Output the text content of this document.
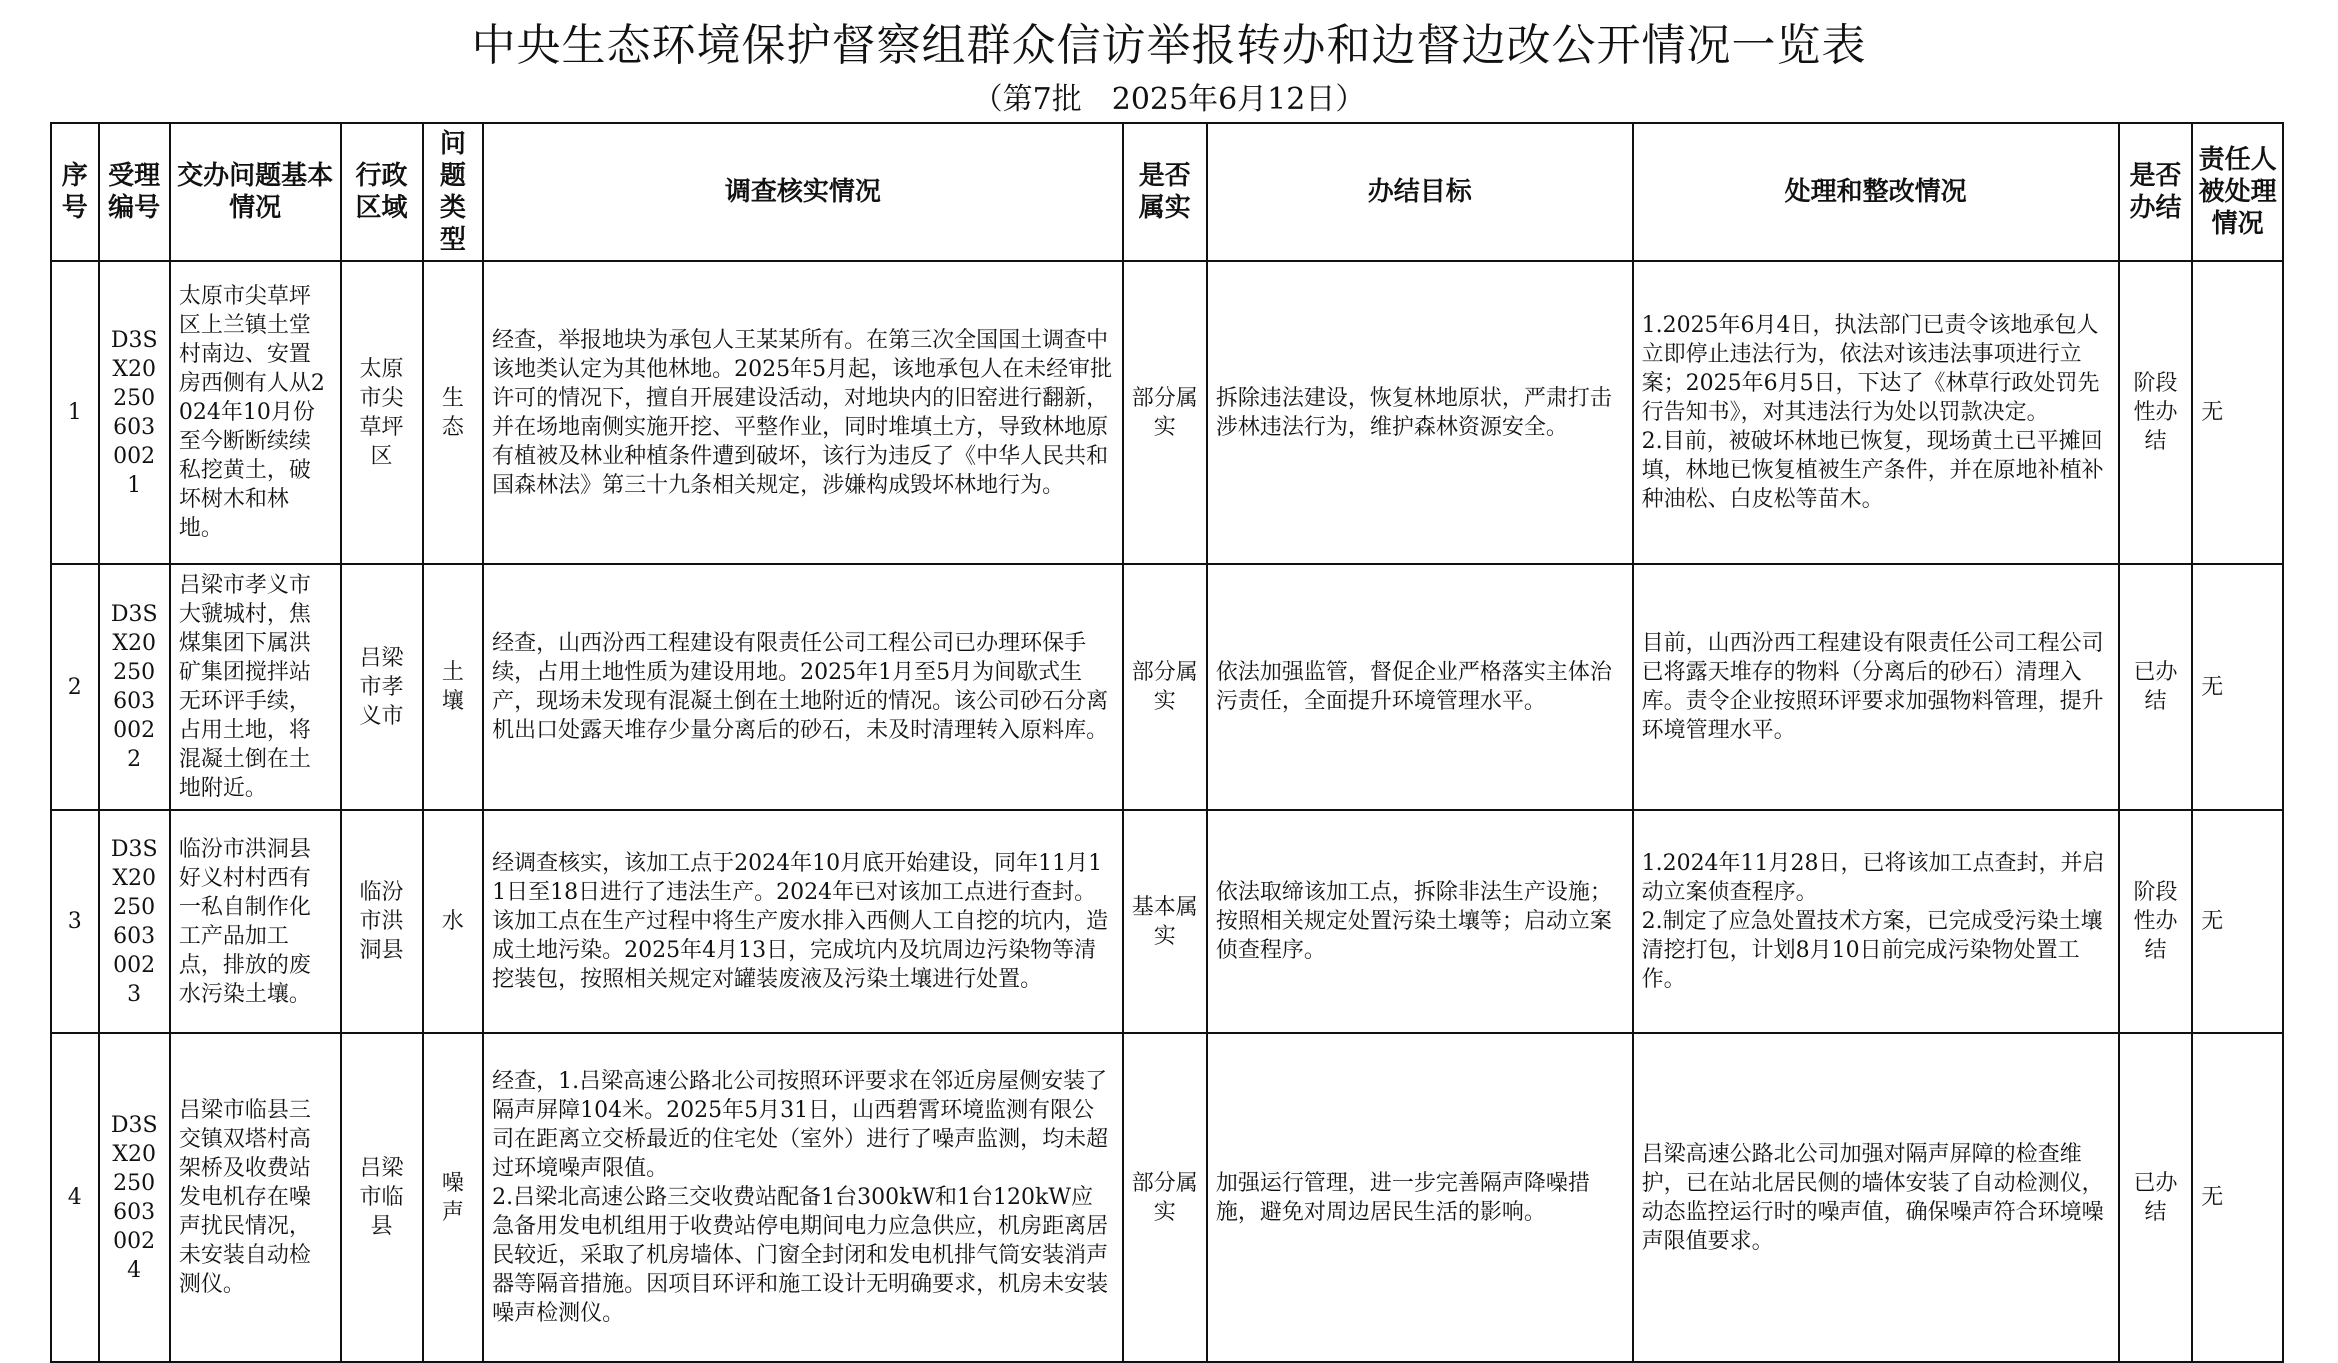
中央生态环境保护督察组群众信访举报转办和边督边改公开情况一览表
（第7批　2025年6月12日）
序号	受理编号	交办问题基本情况	行政区域	问题类型	调查核实情况	是否属实	办结目标	处理和整改情况	是否办结	责任人被处理情况
1	D3SX202506030021	太原市尖草坪区上兰镇土堂村南边、安置房西侧有人从2024年10月份至今断断续续私挖黄土，破坏树木和林地。	太原市尖草坪区	生态	经查，举报地块为承包人王某某所有。在第三次全国国土调查中该地类认定为其他林地。2025年5月起，该地承包人在未经审批许可的情况下，擅自开展建设活动，对地块内的旧窑进行翻新，并在场地南侧实施开挖、平整作业，同时堆填土方，导致林地原有植被及林业种植条件遭到破坏，该行为违反了《中华人民共和国森林法》第三十九条相关规定，涉嫌构成毁坏林地行为。	部分属实	拆除违法建设，恢复林地原状，严肃打击涉林违法行为，维护森林资源安全。	1.2025年6月4日，执法部门已责令该地承包人立即停止违法行为，依法对该违法事项进行立案；2025年6月5日，下达了《林草行政处罚先行告知书》，对其违法行为处以罚款决定。
2.目前，被破坏林地已恢复，现场黄土已平摊回填，林地已恢复植被生产条件，并在原地补植补种油松、白皮松等苗木。	阶段性办结	无
2	D3SX202506030022	吕梁市孝义市大虢城村，焦煤集团下属洪矿集团搅拌站无环评手续，占用土地，将混凝土倒在土地附近。	吕梁市孝义市	土壤	经查，山西汾西工程建设有限责任公司工程公司已办理环保手续，占用土地性质为建设用地。2025年1月至5月为间歇式生产，现场未发现有混凝土倒在土地附近的情况。该公司砂石分离机出口处露天堆存少量分离后的砂石，未及时清理转入原料库。	部分属实	依法加强监管，督促企业严格落实主体治污责任，全面提升环境管理水平。	目前，山西汾西工程建设有限责任公司工程公司已将露天堆存的物料（分离后的砂石）清理入库。责令企业按照环评要求加强物料管理，提升环境管理水平。	已办结	无
3	D3SX202506030023	临汾市洪洞县好义村村西有一私自制作化工产品加工点，排放的废水污染土壤。	临汾市洪洞县	水	经调查核实，该加工点于2024年10月底开始建设，同年11月11日至18日进行了违法生产。2024年已对该加工点进行查封。该加工点在生产过程中将生产废水排入西侧人工自挖的坑内，造成土地污染。2025年4月13日，完成坑内及坑周边污染物等清挖装包，按照相关规定对罐装废液及污染土壤进行处置。	基本属实	依法取缔该加工点，拆除非法生产设施；按照相关规定处置污染土壤等；启动立案侦查程序。	1.2024年11月28日，已将该加工点查封，并启动立案侦查程序。
2.制定了应急处置技术方案，已完成受污染土壤清挖打包，计划8月10日前完成污染物处置工作。	阶段性办结	无
4	D3SX202506030024	吕梁市临县三交镇双塔村高架桥及收费站发电机存在噪声扰民情况，未安装自动检测仪。	吕梁市临县	噪声	经查，1.吕梁高速公路北公司按照环评要求在邻近房屋侧安装了隔声屏障104米。2025年5月31日，山西碧霄环境监测有限公司在距离立交桥最近的住宅处（室外）进行了噪声监测，均未超过环境噪声限值。
2.吕梁北高速公路三交收费站配备1台300kW和1台120kW应急备用发电机组用于收费站停电期间电力应急供应，机房距离居民较近，采取了机房墙体、门窗全封闭和发电机排气筒安装消声器等隔音措施。因项目环评和施工设计无明确要求，机房未安装噪声检测仪。	部分属实	加强运行管理，进一步完善隔声降噪措施，避免对周边居民生活的影响。	吕梁高速公路北公司加强对隔声屏障的检查维护，已在站北居民侧的墙体安装了自动检测仪，动态监控运行时的噪声值，确保噪声符合环境噪声限值要求。	已办结	无
